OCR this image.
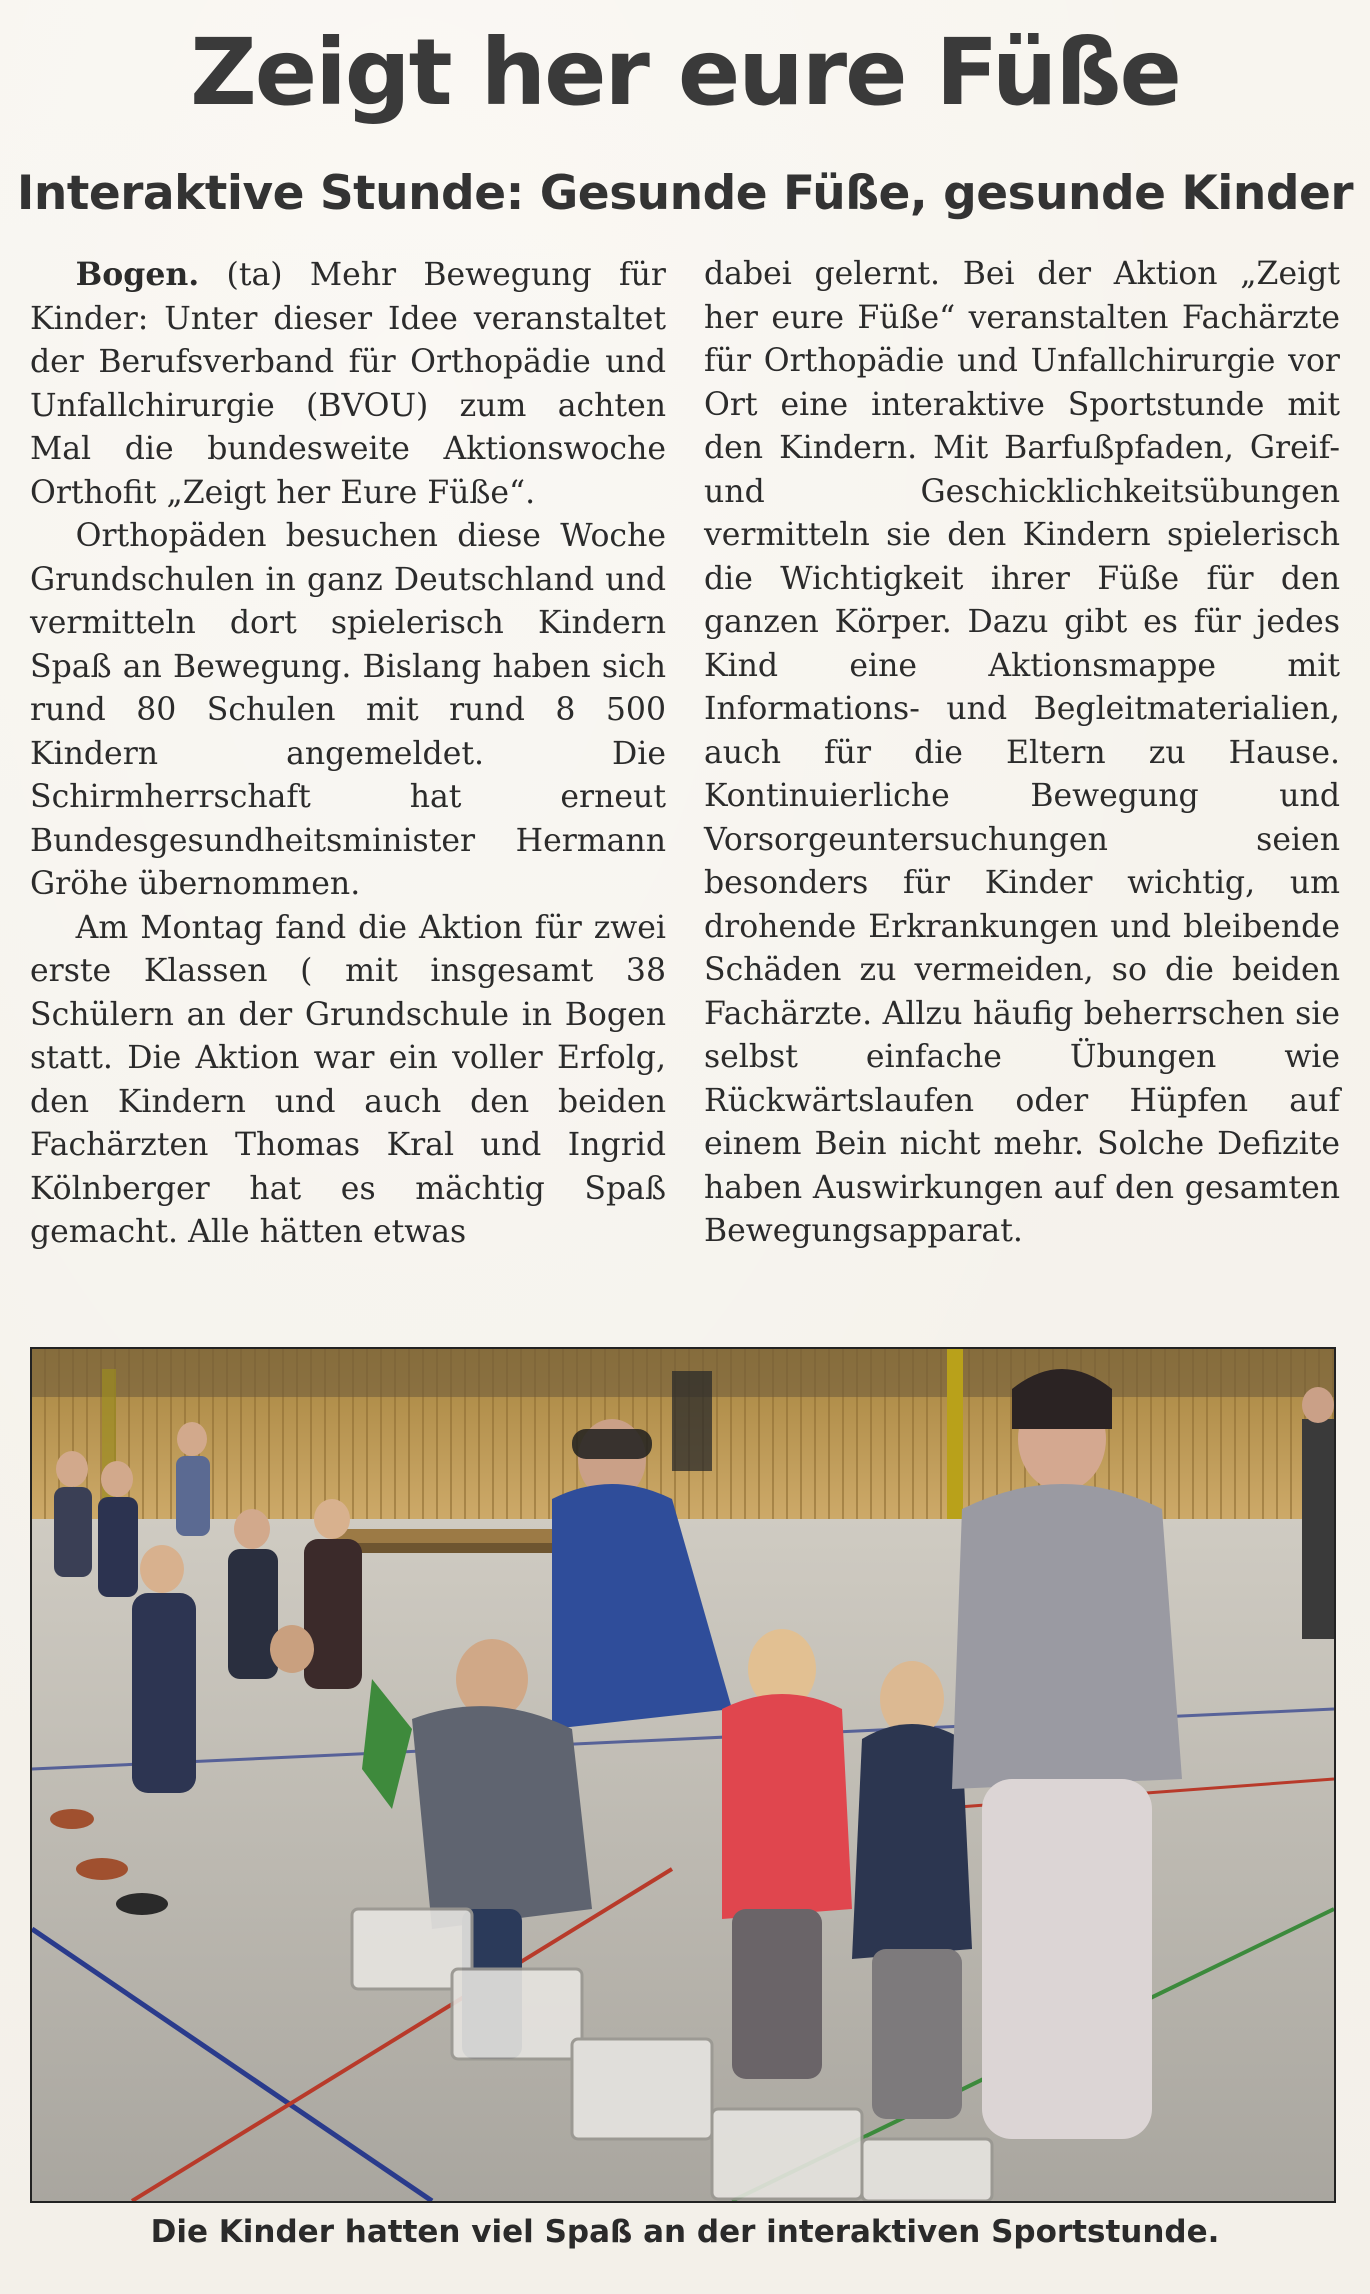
Zeigt her eure Füße
Interaktive Stunde: Gesunde Füße, gesunde Kinder

Bogen. (ta) Mehr Bewegung für Kinder: Unter dieser Idee veranstaltet der Berufsverband für Orthopädie und Unfallchirurgie (BVOU) zum achten Mal die bundesweite Aktionswoche Orthofit „Zeigt her Eure Füße“.

Orthopäden besuchen diese Woche Grundschulen in ganz Deutschland und vermitteln dort spielerisch Kindern Spaß an Bewegung. Bislang haben sich rund 80 Schulen mit rund 8 500 Kindern angemeldet. Die Schirmherrschaft hat erneut Bundesgesundheitsminister Hermann Gröhe übernommen.

Am Montag fand die Aktion für zwei erste Klassen ( mit insgesamt 38 Schülern an der Grundschule in Bogen statt. Die Aktion war ein voller Erfolg, den Kindern und auch den beiden Fachärzten Thomas Kral und Ingrid Kölnberger hat es mächtig Spaß gemacht. Alle hätten etwas

dabei gelernt. Bei der Aktion „Zeigt her eure Füße“ veranstalten Fachärzte für Orthopädie und Unfallchirurgie vor Ort eine interaktive Sportstunde mit den Kindern. Mit Barfußpfaden, Greif- und Geschicklichkeitsübungen vermitteln sie den Kindern spielerisch die Wichtigkeit ihrer Füße für den ganzen Körper. Dazu gibt es für jedes Kind eine Aktionsmappe mit Informations- und Begleitmaterialien, auch für die Eltern zu Hause. Kontinuierliche Bewegung und Vorsorgeuntersuchungen seien besonders für Kinder wichtig, um drohende Erkrankungen und bleibende Schäden zu vermeiden, so die beiden Fachärzte. Allzu häufig beherrschen sie selbst einfache Übungen wie Rückwärtslaufen oder Hüpfen auf einem Bein nicht mehr. Solche Defizite haben Auswirkungen auf den gesamten Bewegungsapparat.

Die Kinder hatten viel Spaß an der interaktiven Sportstunde.
